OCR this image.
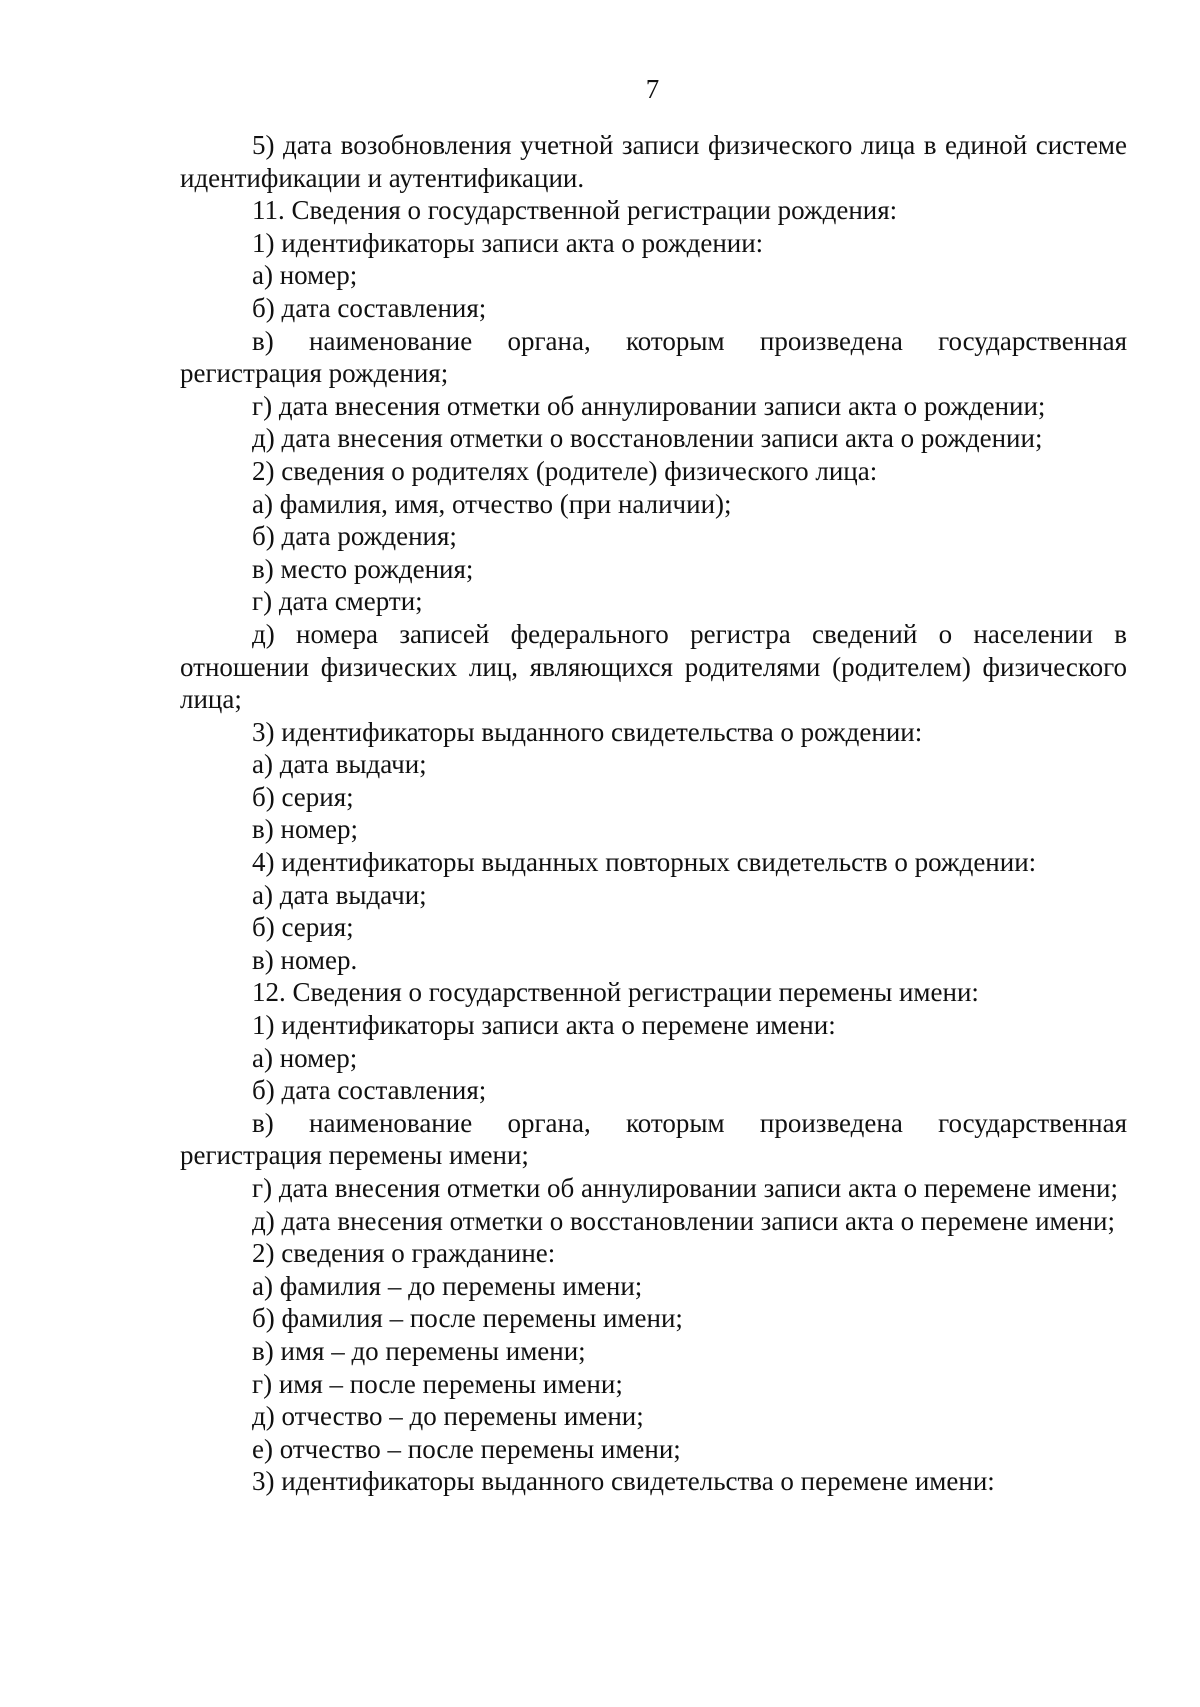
7

5) дата возобновления учетной записи физического лица в единой системе идентификации и аутентификации.

11. Сведения о государственной регистрации рождения:

1) идентификаторы записи акта о рождении:

а) номер;

б) дата составления;

в) наименование органа, которым произведена государственная регистрация рождения;

г) дата внесения отметки об аннулировании записи акта о рождении;

д) дата внесения отметки о восстановлении записи акта о рождении;

2) сведения о родителях (родителе) физического лица:

а) фамилия, имя, отчество (при наличии);

б) дата рождения;

в) место рождения;

г) дата смерти;

д) номера записей федерального регистра сведений о населении в отношении физических лиц, являющихся родителями (родителем) физического лица;

3) идентификаторы выданного свидетельства о рождении:

а) дата выдачи;

б) серия;

в) номер;

4) идентификаторы выданных повторных свидетельств о рождении:

а) дата выдачи;

б) серия;

в) номер.

12. Сведения о государственной регистрации перемены имени:

1) идентификаторы записи акта о перемене имени:

а) номер;

б) дата составления;

в) наименование органа, которым произведена государственная регистрация перемены имени;

г) дата внесения отметки об аннулировании записи акта о перемене имени;

д) дата внесения отметки о восстановлении записи акта о перемене имени;

2) сведения о гражданине:

а) фамилия – до перемены имени;

б) фамилия – после перемены имени;

в) имя – до перемены имени;

г) имя – после перемены имени;

д) отчество – до перемены имени;

е) отчество – после перемены имени;

3) идентификаторы выданного свидетельства о перемене имени:
